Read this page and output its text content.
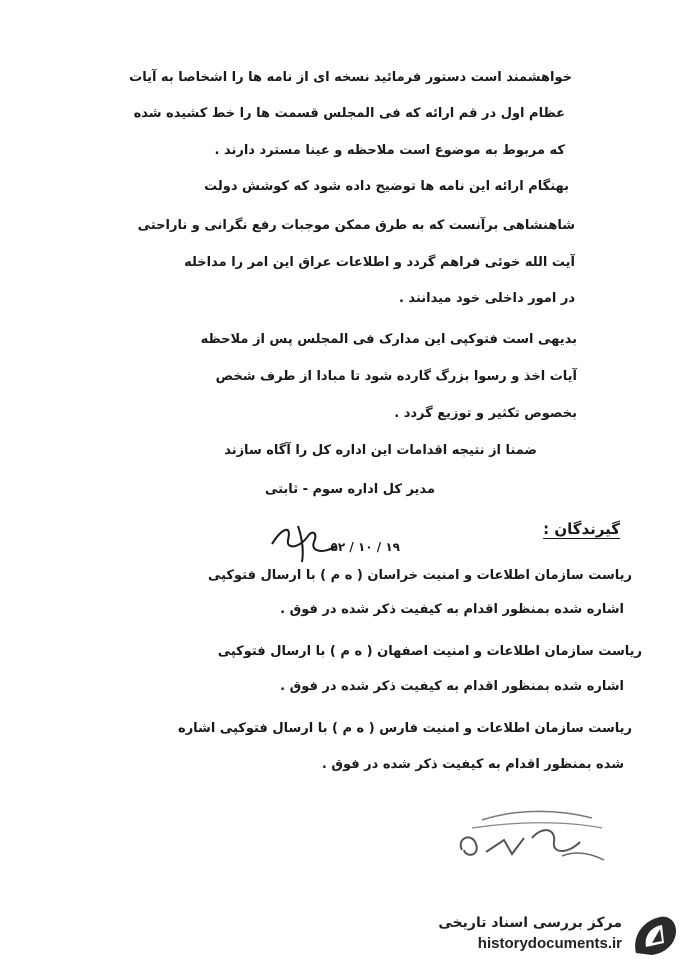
خواهشمند است دستور فرمائید نسخه ای از نامه ها را اشخاصا به آیات
عظام اول در قم ارائه که فی المجلس قسمت ها را خط کشیده شده
که مربوط به موضوع است ملاحظه و عینا مسترد دارند .
بهنگام ارائه این نامه ها توضیح داده شود که کوشش دولت
شاهنشاهی برآنست که به طرق ممکن موجبات رفع نگرانی و ناراحتی
آیت الله خوئی فراهم گردد و اطلاعات عراق این امر را مداخله
در امور داخلی خود میدانند .
بدیهی است فتوکپی این مدارک فی المجلس پس از ملاحظه
آیات اخذ و رسوا بزرگ گارده شود تا مبادا از طرف شخص
بخصوص تکثیر و توزیع گردد .
ضمنا از نتیجه اقدامات این اداره کل را آگاه سازند
مدیر کل اداره سوم - ثابتی
گیرندگان :
۱۹ / ۱۰ / ۵۲
ریاست سازمان اطلاعات و امنیت خراسان ( ه م ) با ارسال فتوکپی
اشاره شده بمنظور اقدام به کیفیت ذکر شده در فوق .
ریاست سازمان اطلاعات و امنیت اصفهان ( ه م ) با ارسال فتوکپی
اشاره شده بمنظور اقدام به کیفیت ذکر شده در فوق .
ریاست سازمان اطلاعات و امنیت فارس ( ه م ) با ارسال فتوکپی اشاره
شده بمنظور اقدام به کیفیت ذکر شده در فوق .
مرکز بررسی اسناد تاریخی
historydocuments.ir
